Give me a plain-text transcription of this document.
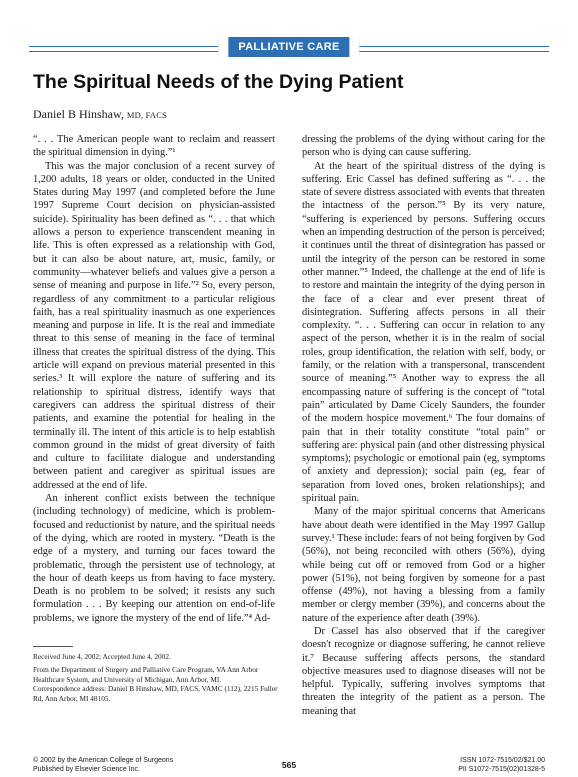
PALLIATIVE CARE
The Spiritual Needs of the Dying Patient
Daniel B Hinshaw, MD, FACS

“. . . The American people want to reclaim and reassert the spiritual dimension in dying.”¹

This was the major conclusion of a recent survey of 1,200 adults, 18 years or older, conducted in the United States during May 1997 (and completed before the June 1997 Supreme Court decision on physician-assisted suicide). Spirituality has been defined as “. . . that which allows a person to experience transcendent meaning in life. This is often expressed as a relationship with God, but it can also be about nature, art, music, family, or community—whatever beliefs and values give a person a sense of meaning and purpose in life.”² So, every person, regardless of any commitment to a particular religious faith, has a real spirituality inasmuch as one experiences meaning and purpose in life. It is the real and immediate threat to this sense of meaning in the face of terminal illness that creates the spiritual distress of the dying. This article will expand on previous material presented in this series.³ It will explore the nature of suffering and its relationship to spiritual distress, identify ways that caregivers can address the spiritual distress of their patients, and examine the potential for healing in the terminally ill. The intent of this article is to help establish common ground in the midst of great diversity of faith and culture to facilitate dialogue and understanding between patient and caregiver as spiritual issues are addressed at the end of life.

An inherent conflict exists between the technique (including technology) of medicine, which is problem-focused and reductionist by nature, and the spiritual needs of the dying, which are rooted in mystery. “Death is the edge of a mystery, and turning our faces toward the problematic, through the persistent use of technology, at the hour of death keeps us from having to face mystery. Death is no problem to be solved; it resists any such formulation . . . By keeping our attention on end-of-life problems, we ignore the mystery of the end of life.”⁴ Ad-

dressing the problems of the dying without caring for the person who is dying can cause suffering.

At the heart of the spiritual distress of the dying is suffering. Eric Cassel has defined suffering as “. . . the state of severe distress associated with events that threaten the intactness of the person.”⁵ By its very nature, “suffering is experienced by persons. Suffering occurs when an impending destruction of the person is perceived; it continues until the threat of disintegration has passed or until the integrity of the person can be restored in some other manner.”⁵ Indeed, the challenge at the end of life is to restore and maintain the integrity of the dying person in the face of a clear and ever present threat of disintegration. Suffering affects persons in all their complexity. “. . . Suffering can occur in relation to any aspect of the person, whether it is in the realm of social roles, group identification, the relation with self, body, or family, or the relation with a transpersonal, transcendent source of meaning.”⁵ Another way to express the all encompassing nature of suffering is the concept of “total pain” articulated by Dame Cicely Saunders, the founder of the modern hospice movement.⁶ The four domains of pain that in their totality constitute “total pain” or suffering are: physical pain (and other distressing physical symptoms); psychologic or emotional pain (eg, symptoms of anxiety and depression); social pain (eg, fear of separation from loved ones, broken relationships); and spiritual pain.

Many of the major spiritual concerns that Americans have about death were identified in the May 1997 Gallup survey.¹ These include: fears of not being forgiven by God (56%), not being reconciled with others (56%), dying while being cut off or removed from God or a higher power (51%), not being forgiven by someone for a past offense (49%), not having a blessing from a family member or clergy member (39%), and concerns about the nature of the experience after death (39%).

Dr Cassel has also observed that if the caregiver doesn't recognize or diagnose suffering, he cannot relieve it.⁷ Because suffering affects persons, the standard objective measures used to diagnose diseases will not be helpful. Typically, suffering involves symptoms that threaten the integrity of the patient as a person. The meaning that

Received June 4, 2002; Accepted June 4, 2002.

From the Department of Surgery and Palliative Care Program, VA Ann Arbor Healthcare System, and University of Michigan, Ann Arbor, MI.

Correspondence address: Daniel B Hinshaw, MD, FACS, VAMC (112), 2215 Fuller Rd, Ann Arbor, MI 48105.

© 2002 by the American College of Surgeons
Published by Elsevier Science Inc.	565	ISSN 1072-7515/02/$21.00
PII S1072-7515(02)01328-5
